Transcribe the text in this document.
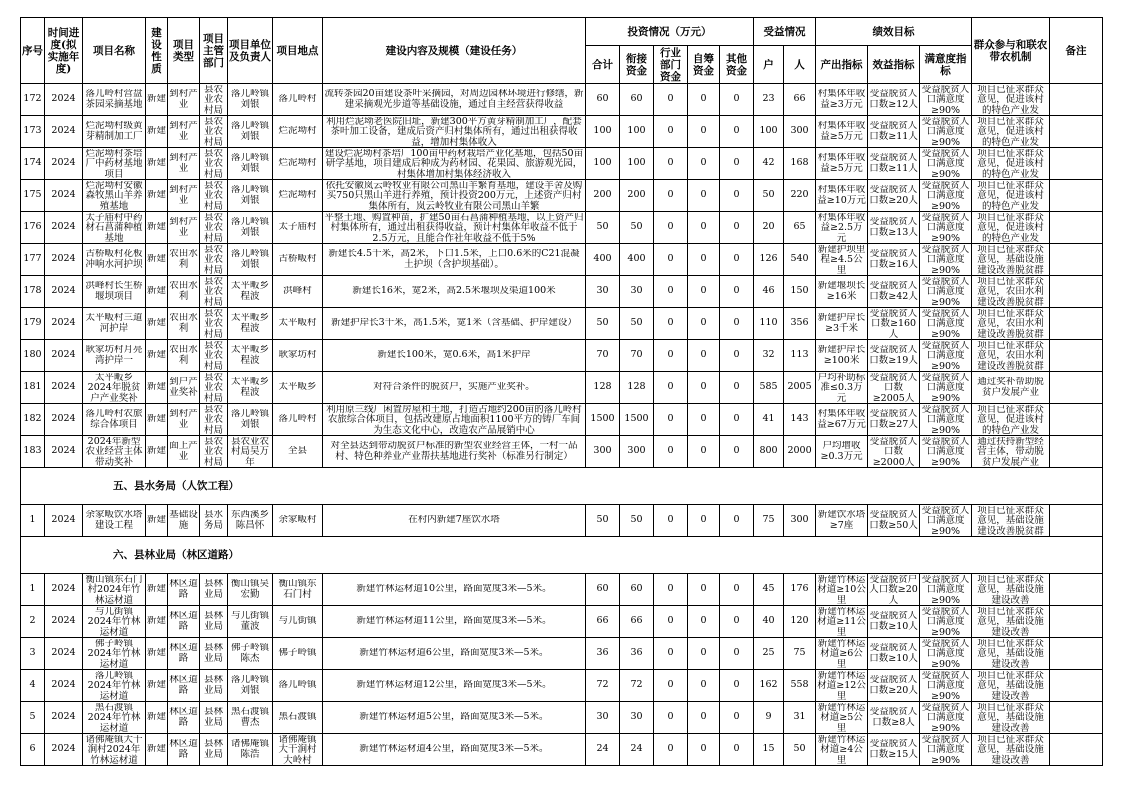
序号	时间进度(拟实施年度)	项目名称	建设性质	项目类型	项目主管部门	项目单位及负责人	项目地点	建设内容及规模（建设任务）	投资情况（万元）					受益情况		绩效目标			群众参与和联农带农机制	备注
									合计	衔接资金	行业部门资金	自筹资金	其他资金	户	人	产出指标	效益指标	满意度指标		

172	2024	落儿岭村营盘茶园采摘基地	新建	到村产业	县农业农村局	落儿岭镇刘银	落儿岭村	流转茶园20亩建设茶叶采摘园，对周边园林环境进行修缮，新建采摘观光步道等基础设施，通过自主经营获得收益	60	60	0	0	0	23	66	村集体年收益≥3万元	受益脱贫人口数≥12人	受益脱贫人口满意度≥90%	项目已征求群众意见，促进该村的特色产业发	

173	2024	烂泥坳村级黄芽精制加工厂	新建	到村产业	县农业农村局	落儿岭镇刘银	烂泥坳村	利用烂泥坳老医院旧址，新建300平方黄芽精制加工厂，配套茶叶加工设备，建成后资产归村集体所有，通过出租获得收益，增加村集体收入	100	100	0	0	0	100	300	村集体年收益≥5万元	受益脱贫人口数≥11人	受益脱贫人口满意度≥90%	项目已征求群众意见，促进该村的特色产业发	

174	2024	烂泥坳村茶培厂中药材基地项目	新建	到村产业	县农业农村局	落儿岭镇刘银	烂泥坳村	建设烂泥坳村茶培厂100亩中药材栽培产业化基地，包括50亩研学基地，项目建成后种成为药材园、花果园、旅游观光园，村集体增加村集体经济收入	100	100	0	0	0	42	168	村集体年收益≥5万元	受益脱贫人口数≥11人	受益脱贫人口满意度≥90%	项目已征求群众意见，促进该村的特色产业发	

175	2024	烂泥坳村安徽森牧黑山羊养殖基地	新建	到村产业	县农业农村局	落儿岭镇刘银	烂泥坳村	依托安徽岚云岭牧业有限公司黑山羊繁育基地，建设羊舍及购买750只黑山羊进行养殖，预计投资200万元，上述资产归村集体所有，岚云岭牧业有限公司黑山羊繁	200	200	0	0	0	50	220	村集体年收益≥10万元	受益脱贫人口数≥20人	受益脱贫人口满意度≥90%	项目已征求群众意见，促进该村的特色产业发	

176	2024	太子庙村中药材石菖蒲种植基地	新建	到村产业	县农业农村局	落儿岭镇刘银	太子庙村	平整土地、购置种苗，扩建50亩石菖蒲种植基地，以上资产归村集体所有，通过出租获得收益，预计村集体年收益不低于2.5万元，且能合作社年收益不低于5%	50	50	0	0	0	20	65	村集体年收益≥2.5万元	受益脱贫人口数≥13人	受益脱贫人口满意度≥90%	项目已征求群众意见，促进该村的特色产业发	

177	2024	古桥畈村花板冲响水河护坝	新建	农田水利	县农业农村局	落儿岭镇刘银	古桥畈村	新建长4.5千米，高2米，下口1.5米，上口0.6米的C21混凝土护坝（含护坝基础）。	400	400	0	0	0	126	540	新建护坝里程≥4.5公里	受益脱贫人口数≥16人	受益脱贫人口满意度≥90%	项目已征求群众意见，基础设施建设改善脱贫群	

178	2024	洪峰村长生桥堰坝项目	新建	农田水利	县农业农村局	太平畈乡程波	洪峰村	新建长16米，宽2米，高2.5米堰坝及渠道100米	30	30	0	0	0	46	150	新建堰坝长≥16米	受益脱贫人口数≥42人	受益脱贫人口满意度≥90%	项目已征求群众意见，农田水利建设改善脱贫群	

179	2024	太平畈村三道河护岸	新建	农田水利	县农业农村局	太平畈乡程波	太平畈村	新建护岸长3千米，高1.5米，宽1米（含基础、护岸建设）	50	50	0	0	0	110	356	新建护岸长≥3千米	受益脱贫人口数≥160人	受益脱贫人口满意度≥90%	项目已征求群众意见，农田水利建设改善脱贫群	

180	2024	耿家坊村月亮湾护岸一	新建	农田水利	县农业农村局	太平畈乡程波	耿家坊村	新建长100米，宽0.6米，高1米护岸	70	70	0	0	0	32	113	新建护岸长≥100米	受益脱贫人口数≥19人	受益脱贫人口满意度≥90%	项目已征求群众意见，农田水利建设改善脱贫群	

181	2024	太平畈乡2024年脱贫户产业奖补	新建	到户产业奖补	县农业农村局	太平畈乡程波	太平畈乡	对符合条件的脱贫户，实施产业奖补。	128	128	0	0	0	585	2005	户均补助标准≤0.3万元	受益脱贫人口数≥2005人	受益脱贫人口满意度≥90%	通过奖补帮助脱贫户发展产业	

182	2024	落儿岭村农旅综合体项目	新建	到村产业	县农业农村局	落儿岭镇刘银	落儿岭村	利用原三线厂闲置房屋和土地，打造占地约200亩的落儿岭村农旅综合体项目，包括改建原占地面积1100平方的铸厂车间为生态文化中心，改造农产品展销中心	1500	1500	0	0	0	41	143	村集体年收益≥67万元	受益脱贫人口数≥27人	受益脱贫人口满意度≥90%	项目已征求群众意见，促进该村的特色产业发	

183	2024	2024年新型农业经营主体带动奖补	新建	面上产业	县农业农村局	县农业农村局吴万年	全县	对全县达到带动脱贫户标准的新型农业经营主体，一村一品村、特色种养业产业帮扶基地进行奖补（标准另行制定）	300	300	0	0	0	800	2000	户均增收≥0.3万元	受益脱贫人口数≥2000人	受益脱贫人口满意度≥90%	通过扶持新型经营主体，带动脱贫户发展产业	

五、县水务局（人饮工程）																				

1	2024	余家畈饮水塔建设工程	新建	基础设施	县水务局	东西溪乡陈昌怀	余家畈村	在村内新建7座饮水塔	50	50	0	0	0	75	300	新建饮水塔≥7座	受益脱贫人口数≥50人	受益脱贫人口满意度≥90%	项目已征求群众意见，基础设施建设改善脱贫群	

六、县林业局（林区道路）																				

1	2024	衡山镇东石门村2024年竹林运材道	新建	林区道路	县林业局	衡山镇吴宏勤	衡山镇东石门村	新建竹林运材道10公里，路面宽度3米—5米。	60	60	0	0	0	45	176	新建竹林运材道≥10公里	受益脱贫户人口数≥20人	受益脱贫人口满意度≥90%	项目已征求群众意见，基础设施建设改善	

2	2024	与儿街镇2024年竹林运材道	新建	林区道路	县林业局	与儿街镇董波	与儿街镇	新建竹林运材道11公里，路面宽度3米—5米。	66	66	0	0	0	40	120	新建竹林运材道≥11公里	受益脱贫人口数≥10人	受益脱贫人口满意度≥90%	项目已征求群众意见，基础设施建设改善	

3	2024	佛子岭镇2024年竹林运材道	新建	林区道路	县林业局	佛子岭镇陈杰	佛子岭镇	新建竹林运材道6公里，路面宽度3米—5米。	36	36	0	0	0	25	75	新建竹林运材道≥6公里	受益脱贫人口数≥10人	受益脱贫人口满意度≥90%	项目已征求群众意见，基础设施建设改善	

4	2024	落儿岭镇2024年竹林运材道	新建	林区道路	县林业局	落儿岭镇刘银	落儿岭镇	新建竹林运材道12公里，路面宽度3米—5米。	72	72	0	0	0	162	558	新建竹林运材道≥12公里	受益脱贫人口数≥20人	受益脱贫人口满意度≥90%	项目已征求群众意见，基础设施建设改善	

5	2024	黑石渡镇2024年竹林运材道	新建	林区道路	县林业局	黑石渡镇曹杰	黑石渡镇	新建竹林运材道5公里，路面宽度3米—5米。	30	30	0	0	0	9	31	新建竹林运材道≥5公里	受益脱贫人口数≥8人	受益脱贫人口满意度≥90%	项目已征求群众意见，基础设施建设改善	

6	2024	诸佛庵镇大干涧村2024年竹林运材道	新建	林区道路	县林业局	诸佛庵镇陈浩	诸佛庵镇大干涧村大岭村	新建竹林运材道4公里，路面宽度3米—5米。	24	24	0	0	0	15	50	新建竹林运材道≥4公里	受益脱贫人口数≥15人	受益脱贫人口满意度≥90%	项目已征求群众意见，基础设施建设改善	
